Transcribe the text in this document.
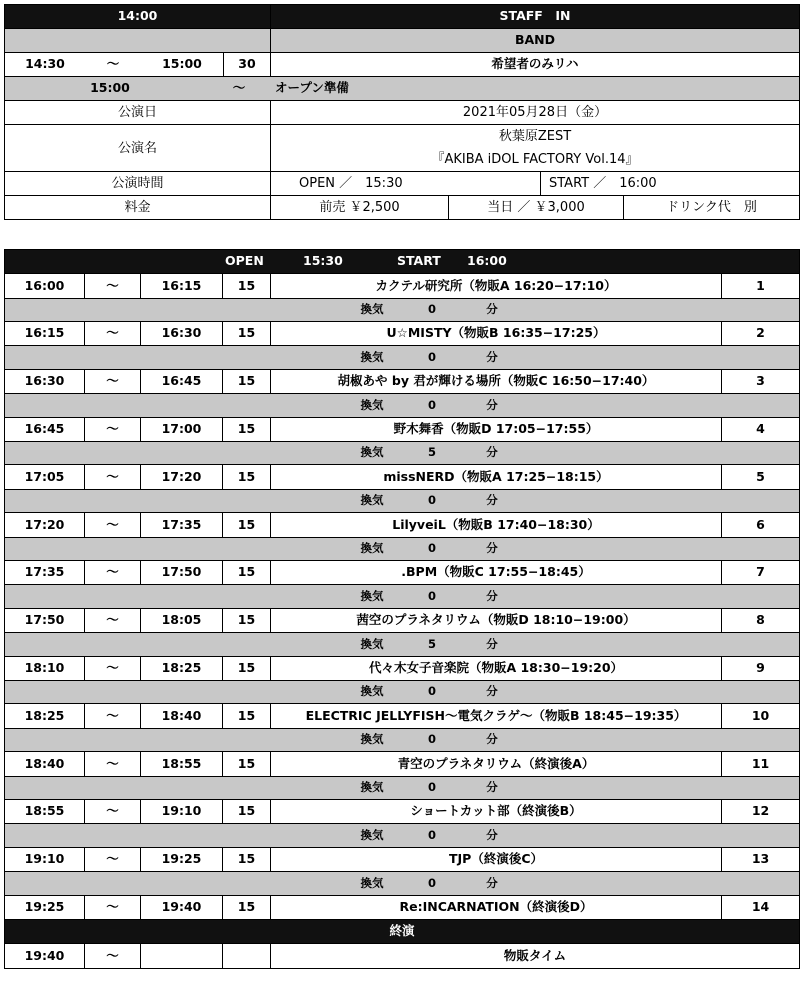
14:00	STAFF　IN
	BAND

14:30 〜 15:00 30	希望者のみリハ

15:00 〜 オープン準備	

公演日	2021年05月28日（金）
公演名	秋葉原ZEST
『AKIBA iDOL FACTORY Vol.14』

公演時間	OPEN ／　15:30 START ／　16:00

料金	前売 ￥2,500 当日 ／ ￥3,000 ドリンク代　別
OPEN 15:30 START 16:00					

16:00	〜	16:15	15	カクテル研究所（物販A 16:20−17:10）	1

換気 0 分					

16:15	〜	16:30	15	U☆MISTY（物販B 16:35−17:25）	2

換気 0 分					

16:30	〜	16:45	15	胡椒あや by 君が輝ける場所（物販C 16:50−17:40）	3

換気 0 分					

16:45	〜	17:00	15	野木舞香（物販D 17:05−17:55）	4

換気 5 分					

17:05	〜	17:20	15	missNERD（物販A 17:25−18:15）	5

換気 0 分					

17:20	〜	17:35	15	LilyveiL（物販B 17:40−18:30）	6

換気 0 分					

17:35	〜	17:50	15	.BPM（物販C 17:55−18:45）	7

換気 0 分					

17:50	〜	18:05	15	茜空のプラネタリウム（物販D 18:10−19:00）	8

換気 5 分					

18:10	〜	18:25	15	代々木女子音楽院（物販A 18:30−19:20）	9

換気 0 分					

18:25	〜	18:40	15	ELECTRIC JELLYFISH〜電気クラゲ〜（物販B 18:45−19:35）	10

換気 0 分					

18:40	〜	18:55	15	青空のプラネタリウム（終演後A）	11

換気 0 分					

18:55	〜	19:10	15	ショートカット部（終演後B）	12

換気 0 分					

19:10	〜	19:25	15	TJP（終演後C）	13

換気 0 分					

19:25	〜	19:40	15	Re:INCARNATION（終演後D）	14
終演					
19:40	〜			物販タイム	
